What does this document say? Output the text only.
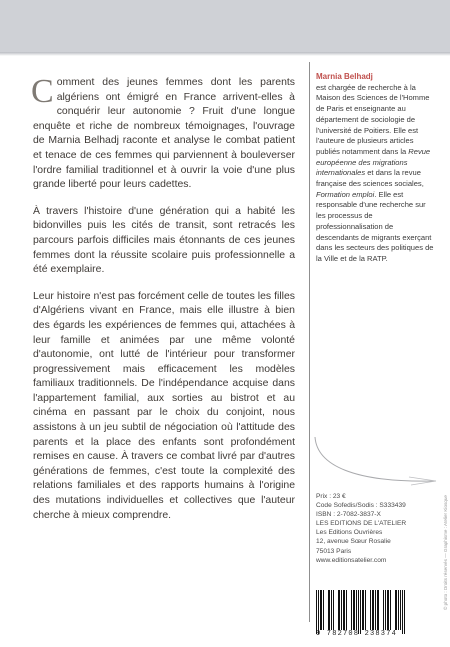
Comment des jeunes femmes dont les parents algériens ont émigré en France arrivent-elles à conquérir leur autonomie ? Fruit d'une longue enquête et riche de nombreux témoignages, l'ouvrage de Marnia Belhadj raconte et analyse le combat patient et tenace de ces femmes qui parviennent à bouleverser l'ordre familial traditionnel et à ouvrir la voie d'une plus grande liberté pour leurs cadettes.

À travers l'histoire d'une génération qui a habité les bidonvilles puis les cités de transit, sont retracés les parcours parfois difficiles mais étonnants de ces jeunes femmes dont la réussite scolaire puis professionnelle a été exemplaire.

Leur histoire n'est pas forcément celle de toutes les filles d'Algériens vivant en France, mais elle illustre à bien des égards les expériences de femmes qui, attachées à leur famille et animées par une même volonté d'autonomie, ont lutté de l'intérieur pour transformer progressivement mais efficacement les modèles familiaux traditionnels. De l'indépendance acquise dans l'appartement familial, aux sorties au bistrot et au cinéma en passant par le choix du conjoint, nous assistons à un jeu subtil de négociation où l'attitude des parents et la place des enfants sont profondément remises en cause. À travers ce combat livré par d'autres générations de femmes, c'est toute la complexité des relations familiales et des rapports humains à l'origine des mutations individuelles et collectives que l'auteur cherche à mieux comprendre.

Marnia Belhadj
est chargée de recherche à la Maison des Sciences de l'Homme de Paris et enseignante au département de sociologie de l'université de Poitiers. Elle est l'auteure de plusieurs articles publiés notamment dans la Revue européenne des migrations internationales et dans la revue française des sciences sociales, Formation emploi. Elle est responsable d'une recherche sur les processus de professionnalisation de descendants de migrants exerçant dans les secteurs des politiques de la Ville et de la RATP.
Prix : 23 €
Code Sofedis/Sodis : S333439
ISBN : 2-7082-3837-X
LES EDITIONS DE L'ATELIER
Les Editions Ouvrières
12, avenue Sœur Rosalie
75013 Paris
www.editionsatelier.com	© photo : Droits réservés — Graphisme : Atelier Kiosque
9 782708 238374
